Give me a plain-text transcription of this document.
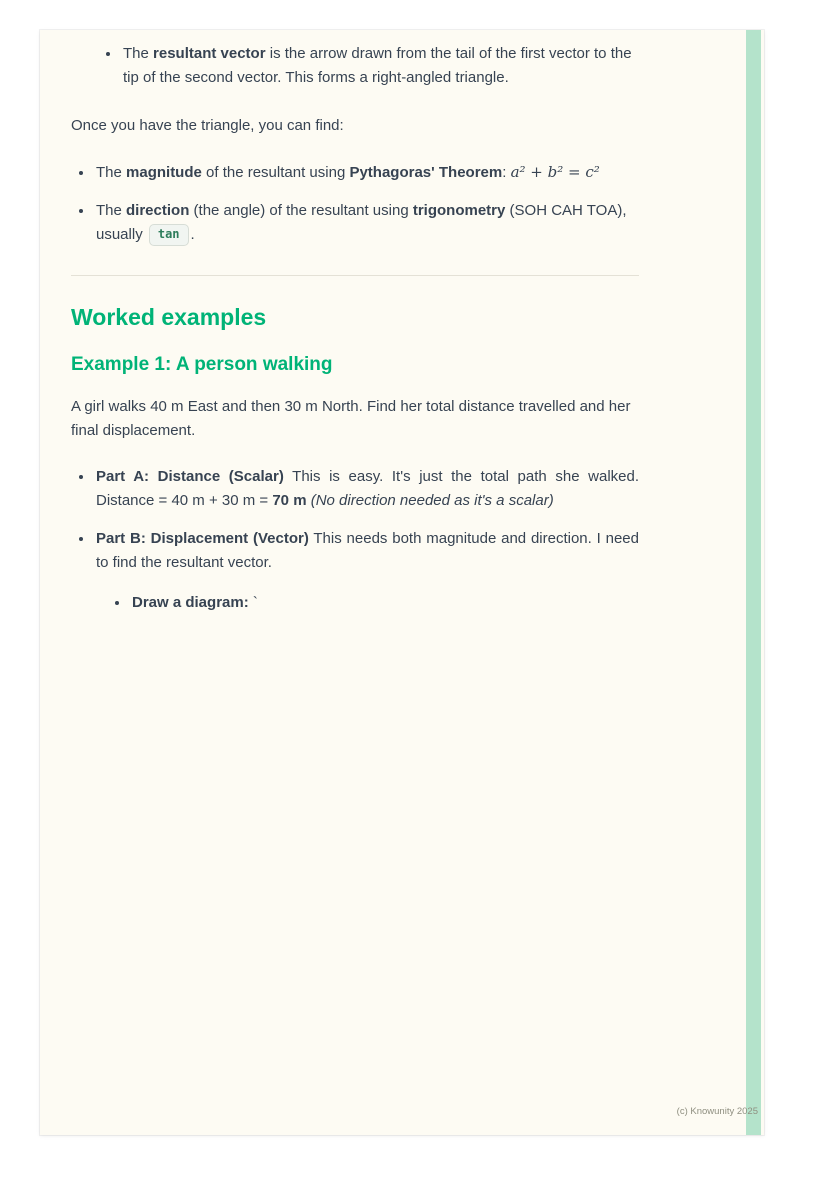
• The resultant vector is the arrow drawn from the tail of the first vector to the tip of the second vector. This forms a right-angled triangle.

Once you have the triangle, you can find:

• The magnitude of the resultant using Pythagoras' Theorem: a² + b² = c²
• The direction (the angle) of the resultant using trigonometry (SOH CAH TOA), usually tan .
Worked examples
Example 1: A person walking

A girl walks 40 m East and then 30 m North. Find her total distance travelled and her final displacement.

• Part A: Distance (Scalar) This is easy. It's just the total path she walked. Distance = 40 m + 30 m = 70 m (No direction needed as it's a scalar)
• Part B: Displacement (Vector) This needs both magnitude and direction. I need to find the resultant vector.
• Draw a diagram: `
(c) Knowunity 2025
